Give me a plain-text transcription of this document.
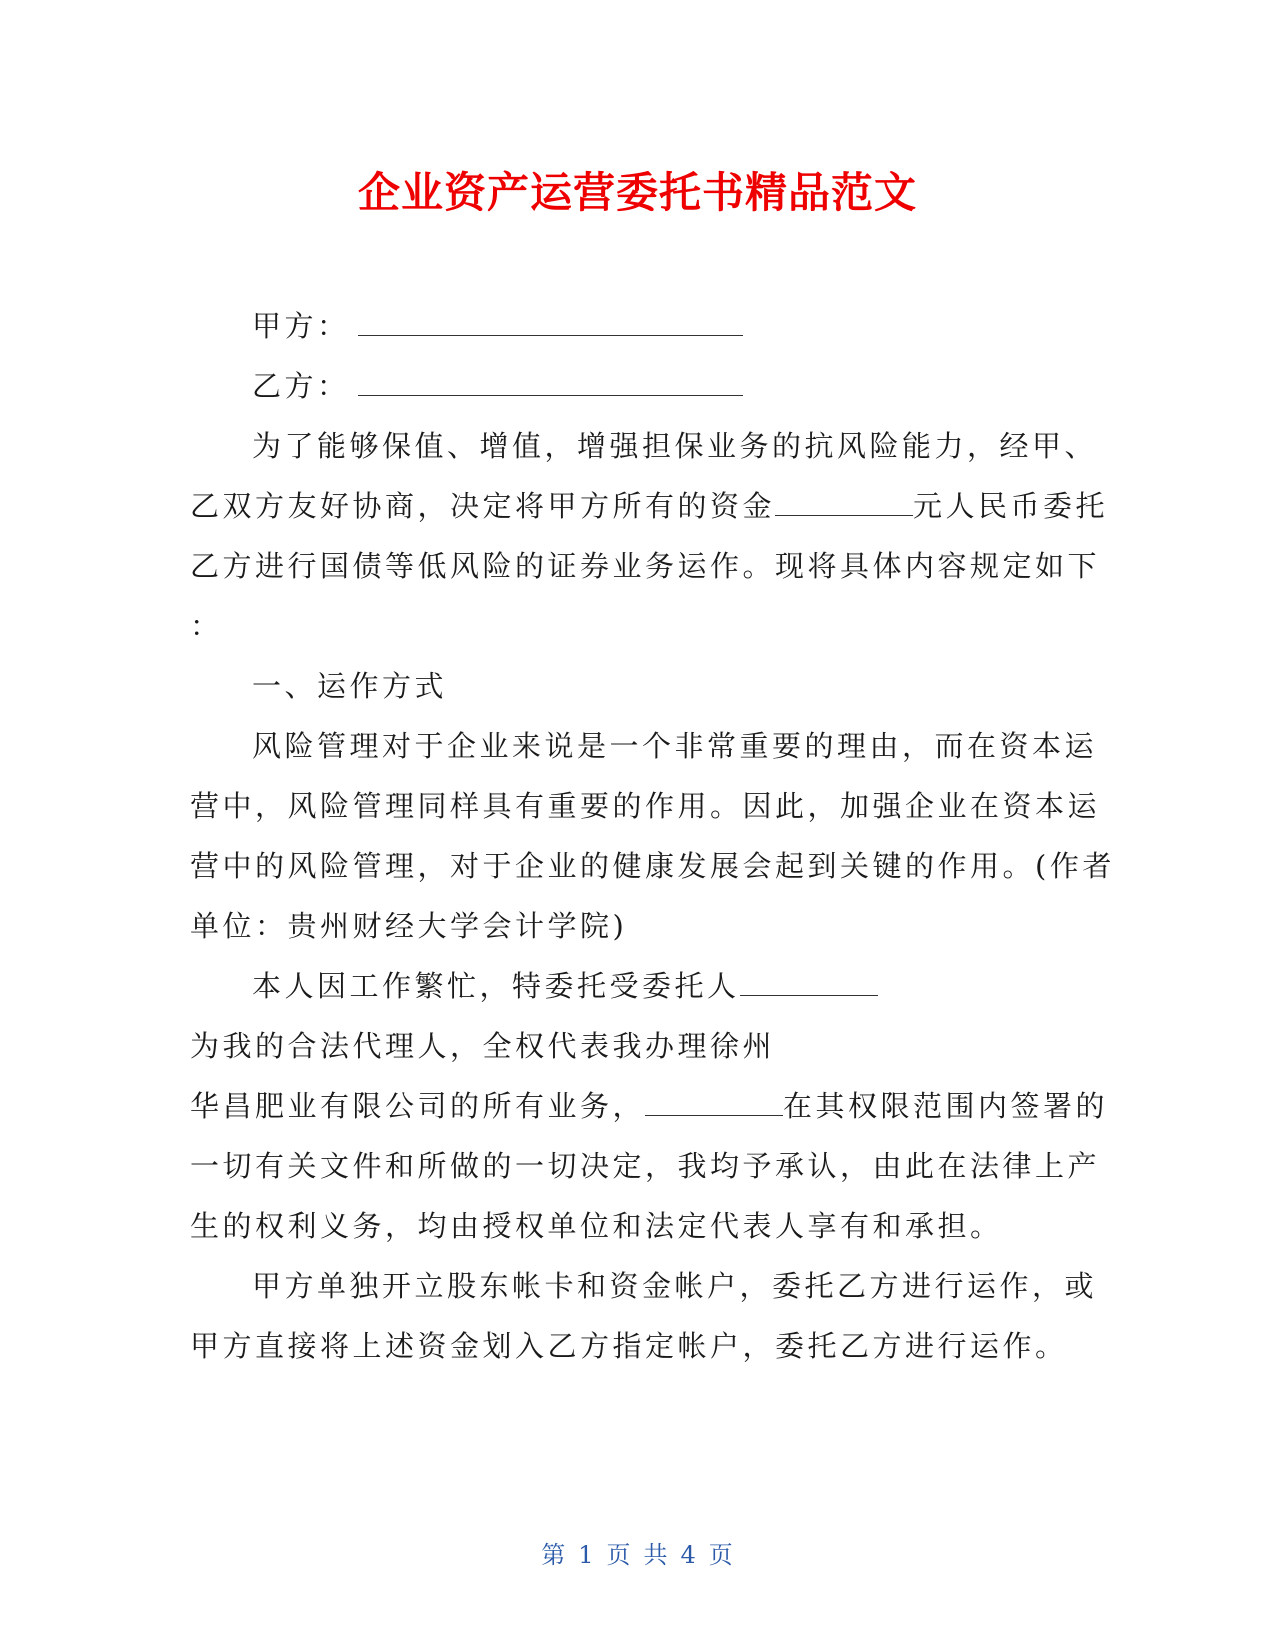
企业资产运营委托书精品范文
甲方：
乙方：
为了能够保值、增值，增强担保业务的抗风险能力，经甲、
乙双方友好协商，决定将甲方所有的资金	元人民币委托
乙方进行国债等低风险的证券业务运作。现将具体内容规定如下
：
一、运作方式
风险管理对于企业来说是一个非常重要的理由，而在资本运
营中，风险管理同样具有重要的作用。因此，加强企业在资本运
营中的风险管理，对于企业的健康发展会起到关键的作用。(作者
单位：贵州财经大学会计学院)
本人因工作繁忙，特委托受委托人
为我的合法代理人，全权代表我办理徐州
华昌肥业有限公司的所有业务，	在其权限范围内签署的
一切有关文件和所做的一切决定，我均予承认，由此在法律上产
生的权利义务，均由授权单位和法定代表人享有和承担。
甲方单独开立股东帐卡和资金帐户，委托乙方进行运作，或
甲方直接将上述资金划入乙方指定帐户，委托乙方进行运作。
第 1 页 共 4 页
